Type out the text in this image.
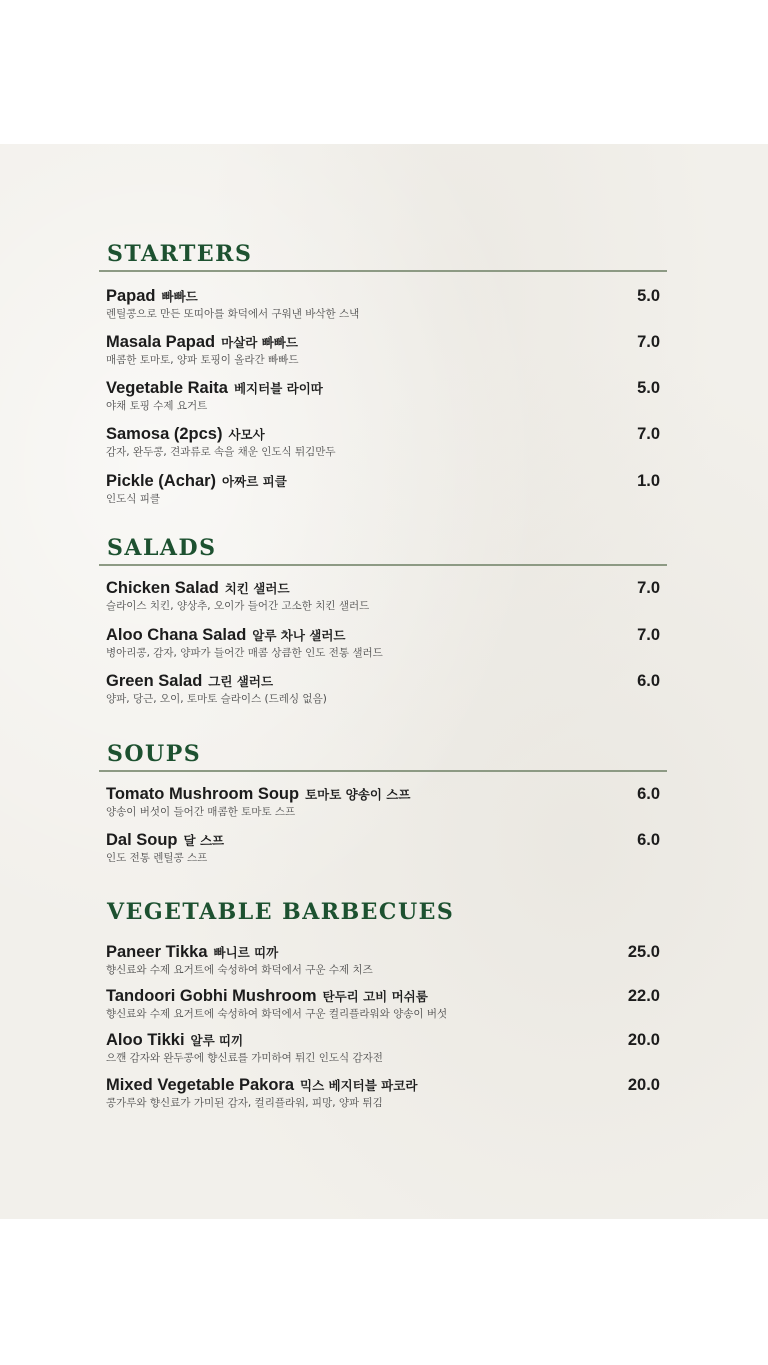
STARTERS
Papad 빠빠드
렌틸콩으로 만든 또띠아를 화덕에서 구워낸 바삭한 스낵
5.0
Masala Papad 마살라 빠빠드
매콤한 토마토, 양파 토핑이 올라간 빠빠드
7.0
Vegetable Raita 베지터블 라이따
야채 토핑 수제 요거트
5.0
Samosa (2pcs) 사모사
감자, 완두콩, 견과류로 속을 채운 인도식 튀김만두
7.0
Pickle (Achar) 아짜르 피클
인도식 피클
1.0
SALADS
Chicken Salad 치킨 샐러드
슬라이스 치킨, 양상추, 오이가 들어간 고소한 치킨 샐러드
7.0
Aloo Chana Salad 알루 차나 샐러드
병아리콩, 감자, 양파가 들어간 매콤 상큼한 인도 전통 샐러드
7.0
Green Salad 그린 샐러드
양파, 당근, 오이, 토마토 슬라이스 (드레싱 없음)
6.0
SOUPS
Tomato Mushroom Soup 토마토 양송이 스프
양송이 버섯이 들어간 매콤한 토마토 스프
6.0
Dal Soup 달 스프
인도 전통 렌틸콩 스프
6.0
VEGETABLE BARBECUES
Paneer Tikka 빠니르 띠까
향신료와 수제 요거트에 숙성하여 화덕에서 구운 수제 치즈
25.0
Tandoori Gobhi Mushroom 탄두리 고비 머쉬룸
향신료와 수제 요거트에 숙성하여 화덕에서 구운 컬리플라워와 양송이 버섯
22.0
Aloo Tikki 알루 띠끼
으깬 감자와 완두콩에 향신료를 가미하여 튀긴 인도식 감자전
20.0
Mixed Vegetable Pakora 믹스 베지터블 파코라
콩가루와 향신료가 가미된 감자, 컬리플라워, 피망, 양파 튀김
20.0
